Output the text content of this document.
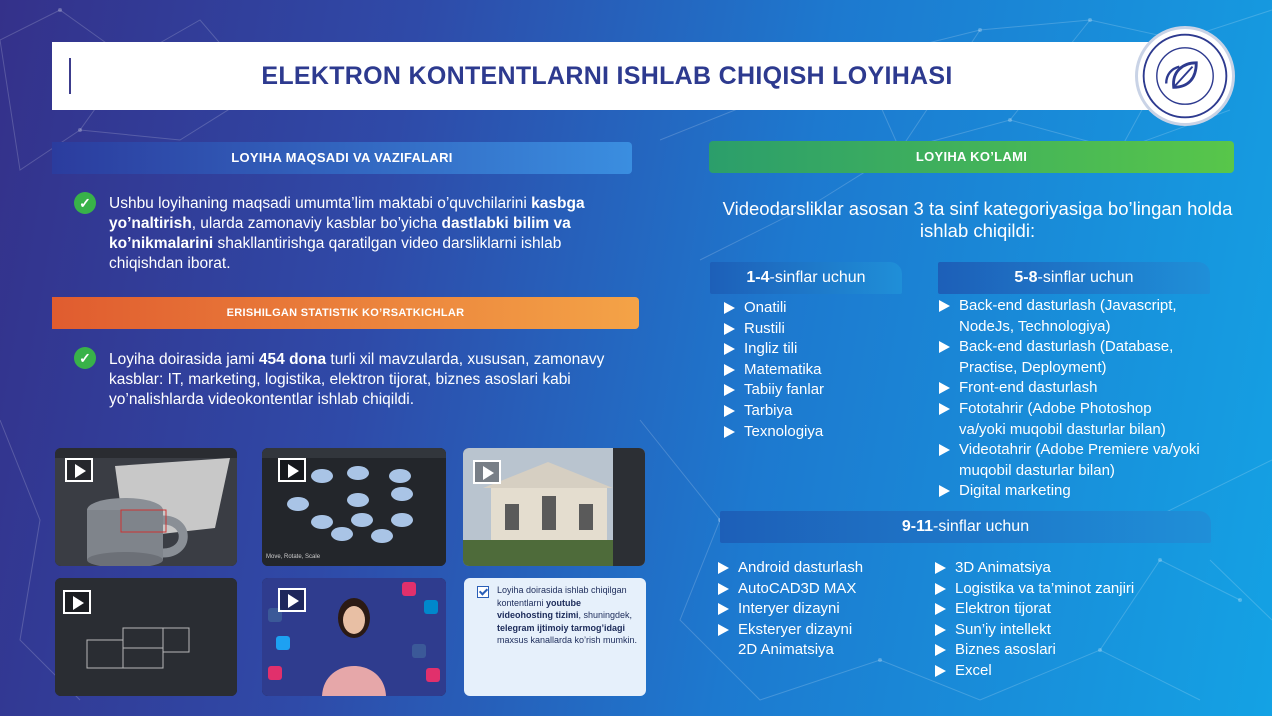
ELEKTRON KONTENTLARNI ISHLAB CHIQISH LOYIHASI
LOYIHA MAQSADI VA VAZIFALARI
✓	Ushbu loyihaning maqsadi umumta’lim maktabi o’quvchilarini kasbga yo’naltirish, ularda zamonaviy kasblar bo’yicha dastlabki bilim va ko’nikmalarini shakllantirishga qaratilgan video darsliklarni ishlab chiqishdan iborat.
ERISHILGAN STATISTIK KO’RSATKICHLAR
✓	Loyiha doirasida jami 454 dona turli xil mavzularda, xususan, zamonavy kasblar: IT, marketing, logistika, elektron tijorat, biznes asoslari kabi yo’nalishlarda videokontentlar ishlab chiqildi.
Move, Rotate, Scale
Loyiha doirasida ishlab chiqilgan kontentlarni youtube videohosting tizimi, shuningdek, telegram ijtimoiy tarmog’idagi maxsus kanallarda ko’rish mumkin.
LOYIHA KO’LAMI
Videodarsliklar asosan 3 ta sinf kategoriyasiga bo’lingan holda ishlab chiqildi:
1-4-sinflar uchun
Onatili
Rustili
Ingliz tili
Matematika
Tabiiy fanlar
Tarbiya
Texnologiya
5-8-sinflar uchun
Back-end dasturlash (Javascript,
NodeJs, Technologiya)
Back-end dasturlash (Database,
Practise, Deployment)
Front-end dasturlash
Fototahrir (Adobe Photoshop
va/yoki muqobil dasturlar bilan)
Videotahrir (Adobe Premiere va/yoki
muqobil dasturlar bilan)
Digital marketing
9-11-sinflar uchun
Android dasturlash
AutoCAD3D MAX
Interyer dizayni
Eksteryer dizayni
2D Animatsiya
3D Animatsiya
Logistika va ta’minot zanjiri
Elektron tijorat
Sun’iy intellekt
Biznes asoslari
Excel
